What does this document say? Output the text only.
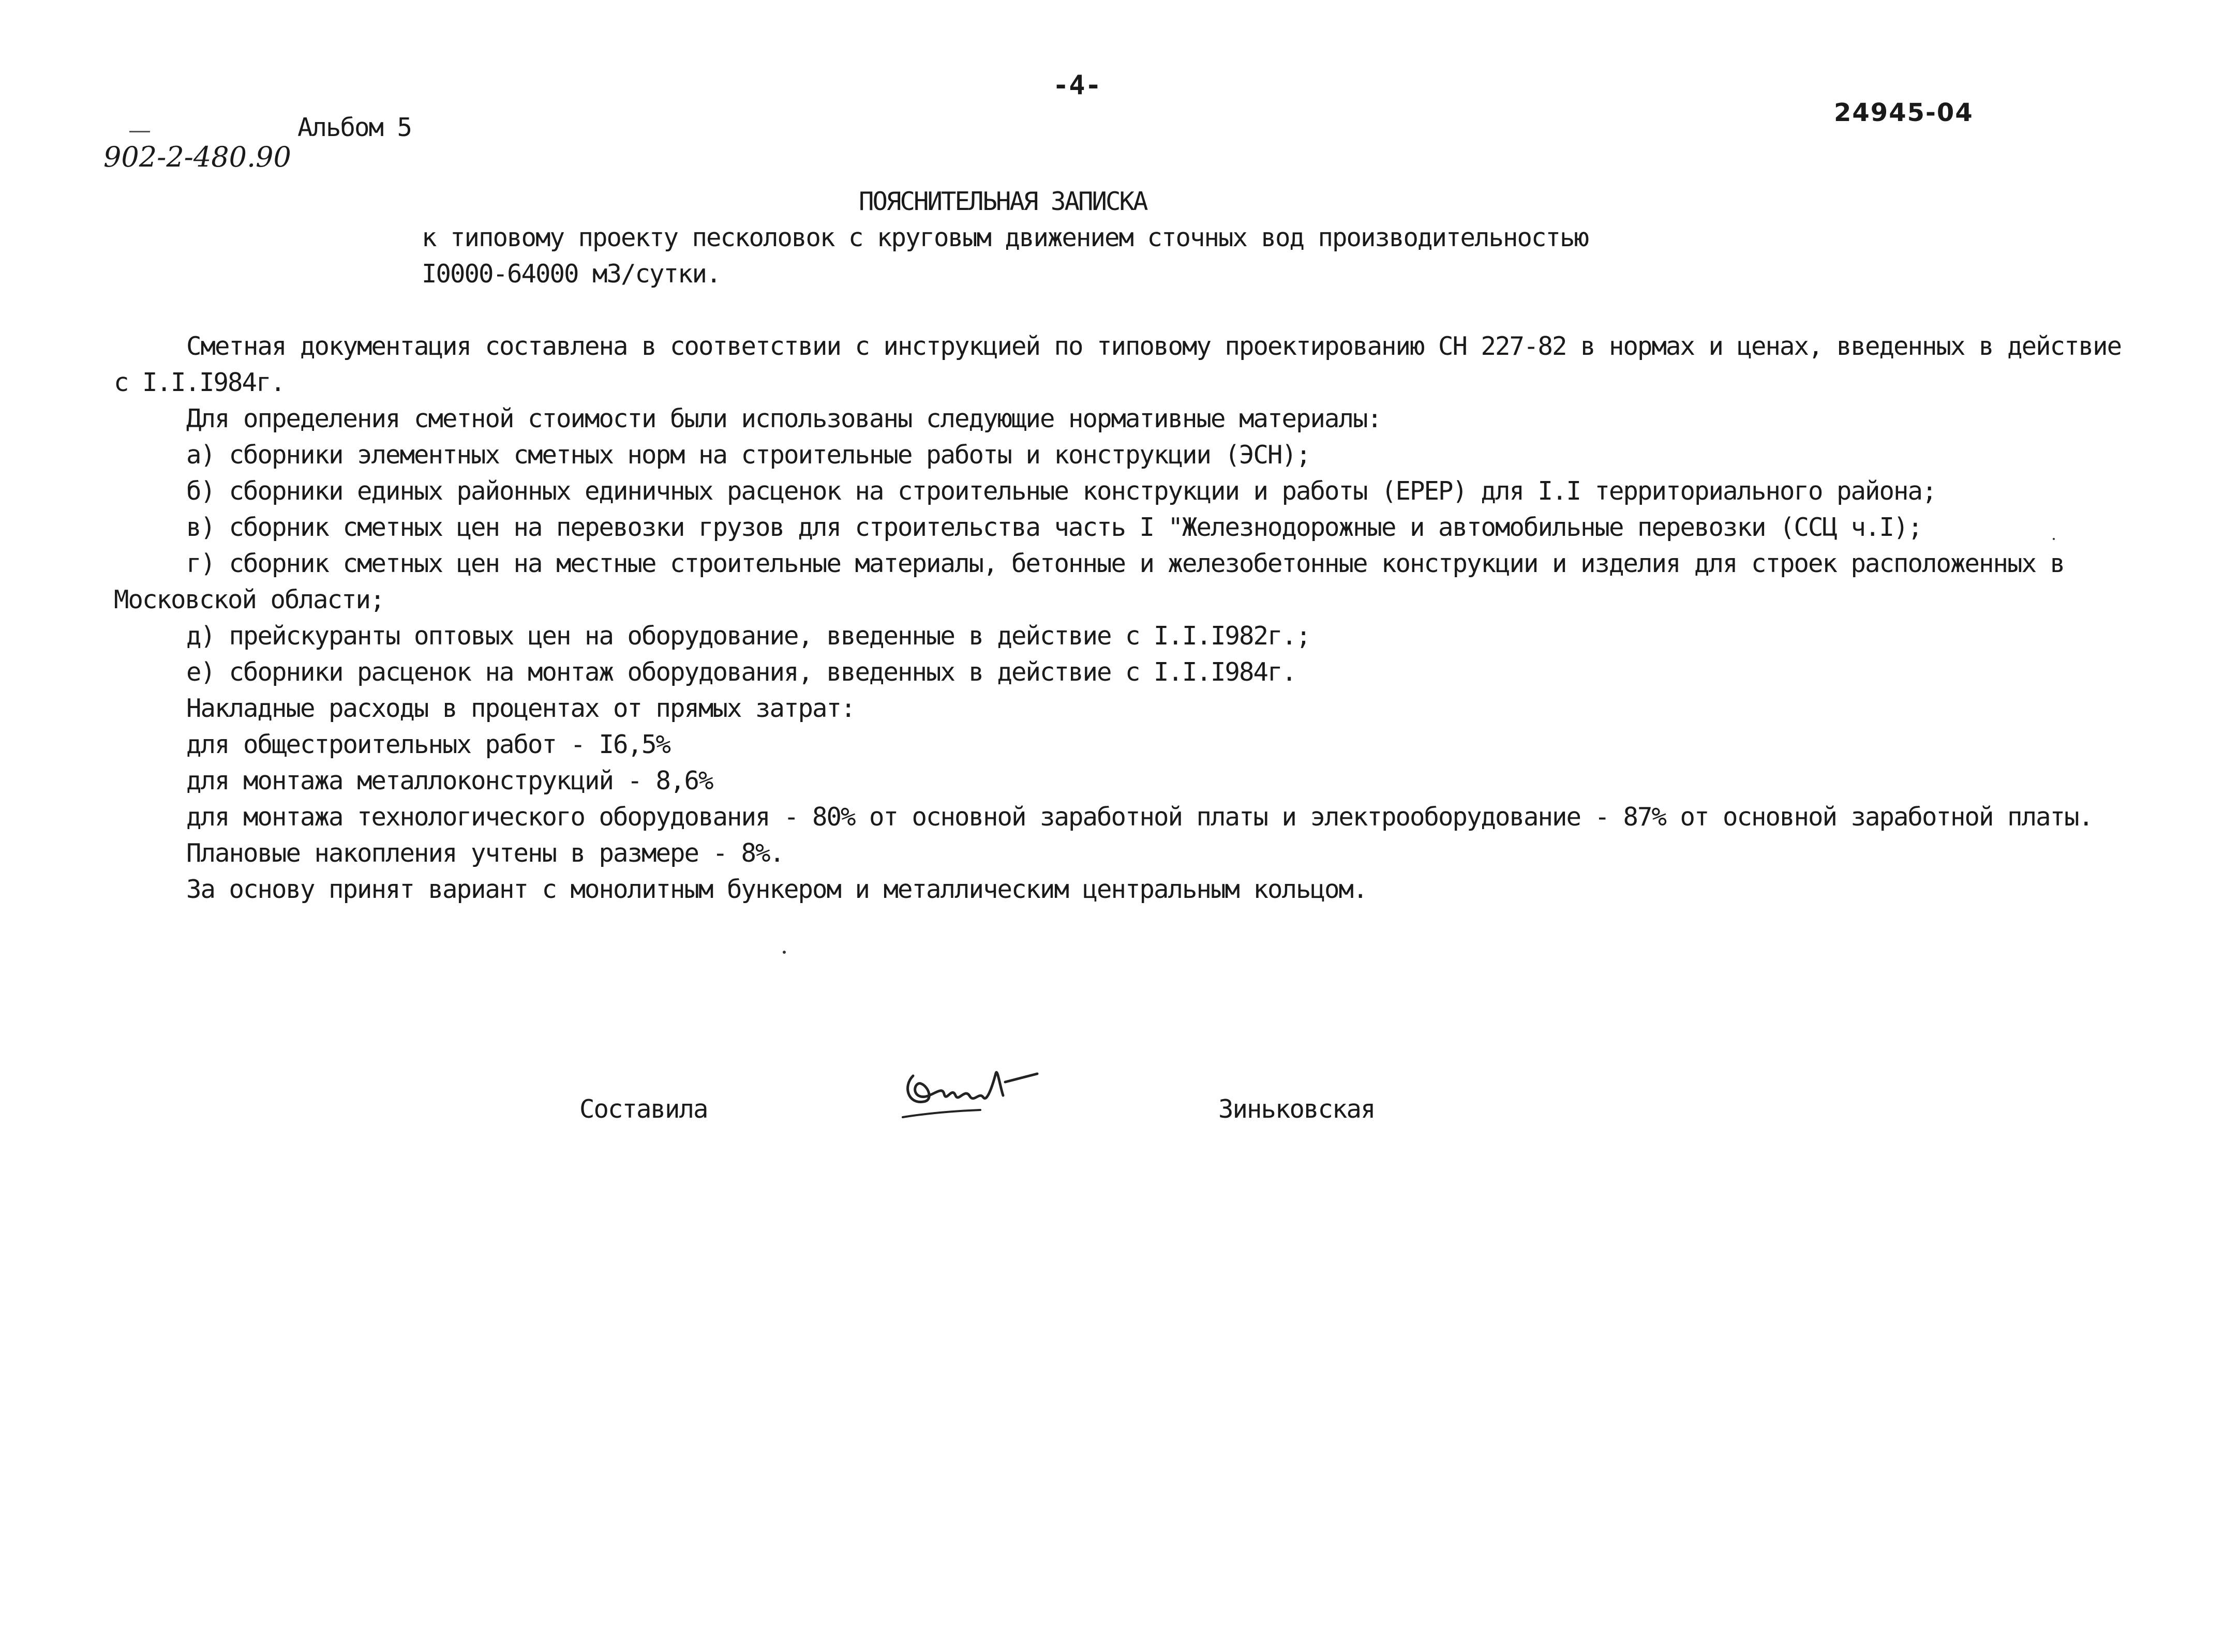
-4-
Альбом 5
902-2-480.90
24945-04
ПОЯСНИТЕЛЬНАЯ ЗАПИСКА
к типовому проекту песколовок с круговым движением сточных вод производительностью
I0000-64000 м3/сутки.
Сметная документация составлена в соответствии с инструкцией по типовому проектированию СН 227-82 в нормах и ценах, введенных в действие
с I.I.I984г.
Для определения сметной стоимости были использованы следующие нормативные материалы:
а) сборники элементных сметных норм на строительные работы и конструкции (ЭСН);
б) сборники единых районных единичных расценок на строительные конструкции и работы (ЕРЕР) для I.I территориального района;
в) сборник сметных цен на перевозки грузов для строительства часть I "Железнодорожные и автомобильные перевозки (ССЦ ч.I);
г) сборник сметных цен на местные строительные материалы, бетонные и железобетонные конструкции и изделия для строек расположенных в
Московской области;
д) прейскуранты оптовых цен на оборудование, введенные в действие с I.I.I982г.;
е) сборники расценок на монтаж оборудования, введенных в действие с I.I.I984г.
Накладные расходы в процентах от прямых затрат:
для общестроительных работ - I6,5%
для монтажа металлоконструкций - 8,6%
для монтажа технологического оборудования - 80% от основной заработной платы и электрооборудование - 87% от основной заработной платы.
Плановые накопления учтены в размере - 8%.
За основу принят вариант с монолитным бункером и металлическим центральным кольцом.
Составила	Зиньковская
